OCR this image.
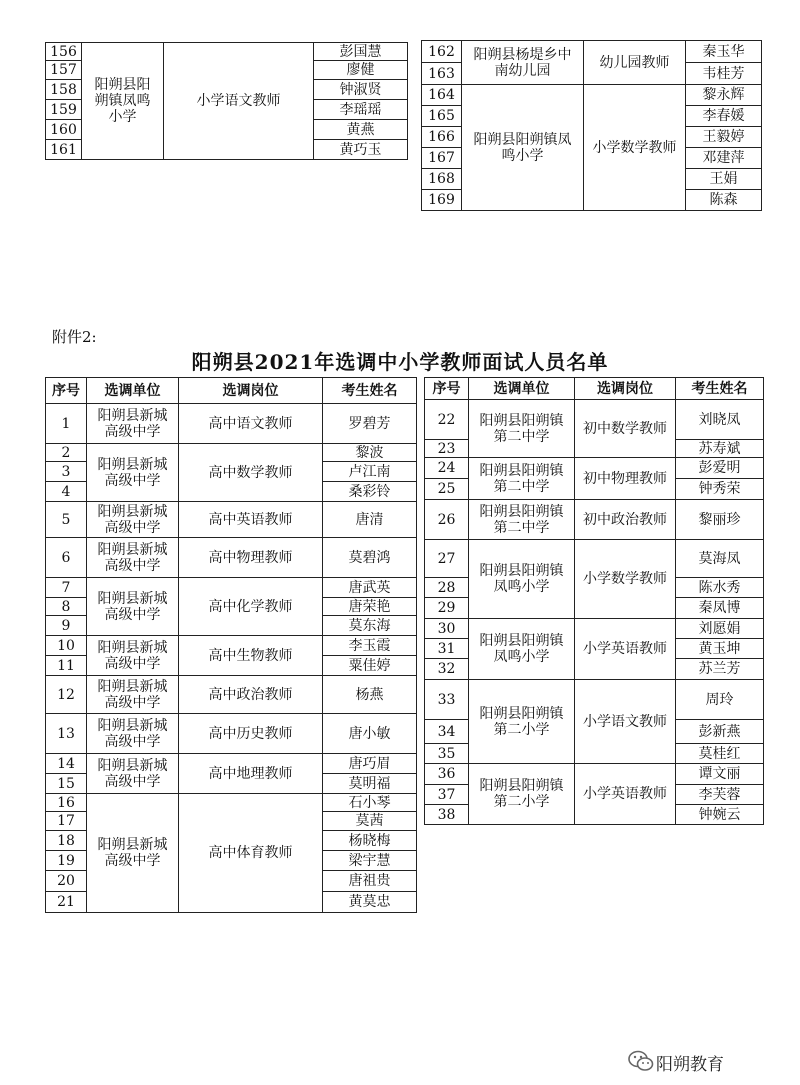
156	阳朔县阳朔镇凤鸣小学	小学语文教师	彭国慧
157			廖健
158			钟淑贤
159			李瑶瑶
160			黄燕
161			黄巧玉
162	阳朔县杨堤乡中南幼儿园	幼儿园教师	秦玉华
163			韦桂芳
164	阳朔县阳朔镇凤鸣小学	小学数学教师	黎永辉
165			李春媛
166			王毅婷
167			邓建萍
168			王娟
169			陈森
附件2:
阳朔县2021年选调中小学教师面试人员名单
序号	选调单位	选调岗位	考生姓名
1	阳朔县新城高级中学	高中语文教师	罗碧芳
2	阳朔县新城高级中学	高中数学教师	黎波
3			卢江南
4			桑彩铃
5	阳朔县新城高级中学	高中英语教师	唐清
6	阳朔县新城高级中学	高中物理教师	莫碧鸿
7	阳朔县新城高级中学	高中化学教师	唐武英
8			唐荣艳
9			莫东海
10	阳朔县新城高级中学	高中生物教师	李玉霞
11			粟佳婷
12	阳朔县新城高级中学	高中政治教师	杨燕
13	阳朔县新城高级中学	高中历史教师	唐小敏
14	阳朔县新城高级中学	高中地理教师	唐巧眉
15			莫明福
16	阳朔县新城高级中学	高中体育教师	石小琴
17			莫茜
18			杨晓梅
19			梁宇慧
20			唐祖贵
21			黄莫忠
序号	选调单位	选调岗位	考生姓名
22	阳朔县阳朔镇第二中学	初中数学教师	刘晓凤
23			苏寿斌
24	阳朔县阳朔镇第二中学	初中物理教师	彭爱明
25			钟秀荣
26	阳朔县阳朔镇第二中学	初中政治教师	黎丽珍
27	阳朔县阳朔镇凤鸣小学	小学数学教师	莫海凤
28			陈水秀
29			秦凤博
30	阳朔县阳朔镇凤鸣小学	小学英语教师	刘愿娟
31			黄玉坤
32			苏兰芳
33	阳朔县阳朔镇第二小学	小学语文教师	周玲
34			彭新燕
35			莫桂红
36	阳朔县阳朔镇第二小学	小学英语教师	谭文丽
37			李芙蓉
38			钟婉云
阳朔教育
